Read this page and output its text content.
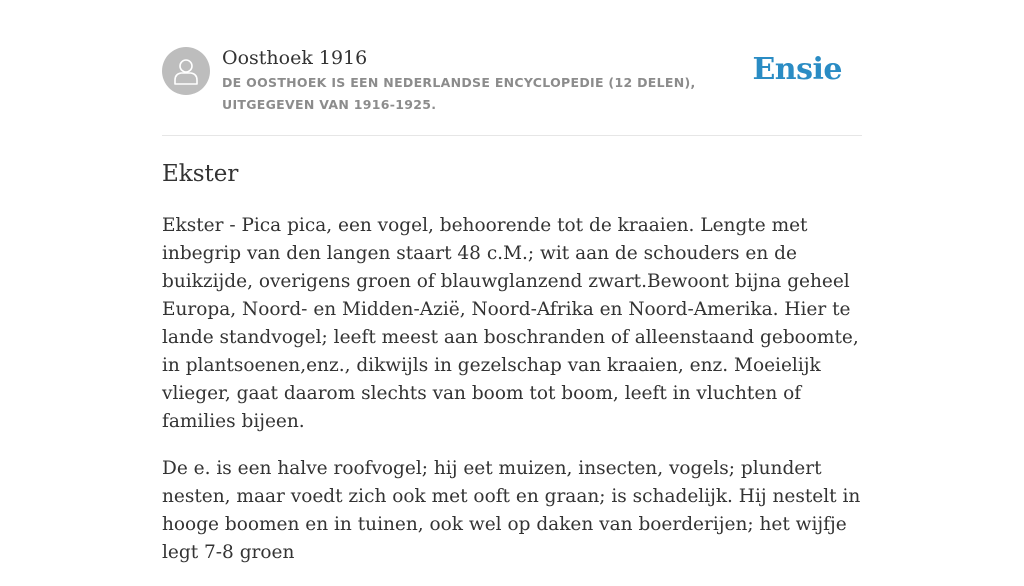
Oosthoek 1916
DE OOSTHOEK IS EEN NEDERLANDSE ENCYCLOPEDIE (12 DELEN), UITGEGEVEN VAN 1916-1925.
Ensie
Ekster

Ekster - Pica pica, een vogel, behoorende tot de kraaien. Lengte met inbegrip van den langen staart 48 c.M.; wit aan de schouders en de buikzijde, overigens groen of blauwglanzend zwart.Bewoont bijna geheel Europa, Noord- en Midden-Azië, Noord-Afrika en Noord-Amerika. Hier te lande standvogel; leeft meest aan boschranden of alleenstaand geboomte, in plantsoenen,enz., dikwijls in gezelschap van kraaien, enz. Moeielijk vlieger, gaat daarom slechts van boom tot boom, leeft in vluchten of families bijeen.

De e. is een halve roofvogel; hij eet muizen, insecten, vogels; plundert nesten, maar voedt zich ook met ooft en graan; is schadelijk. Hij nestelt in hooge boomen en in tuinen, ook wel op daken van boerderijen; het wijfje legt 7-8 groen
